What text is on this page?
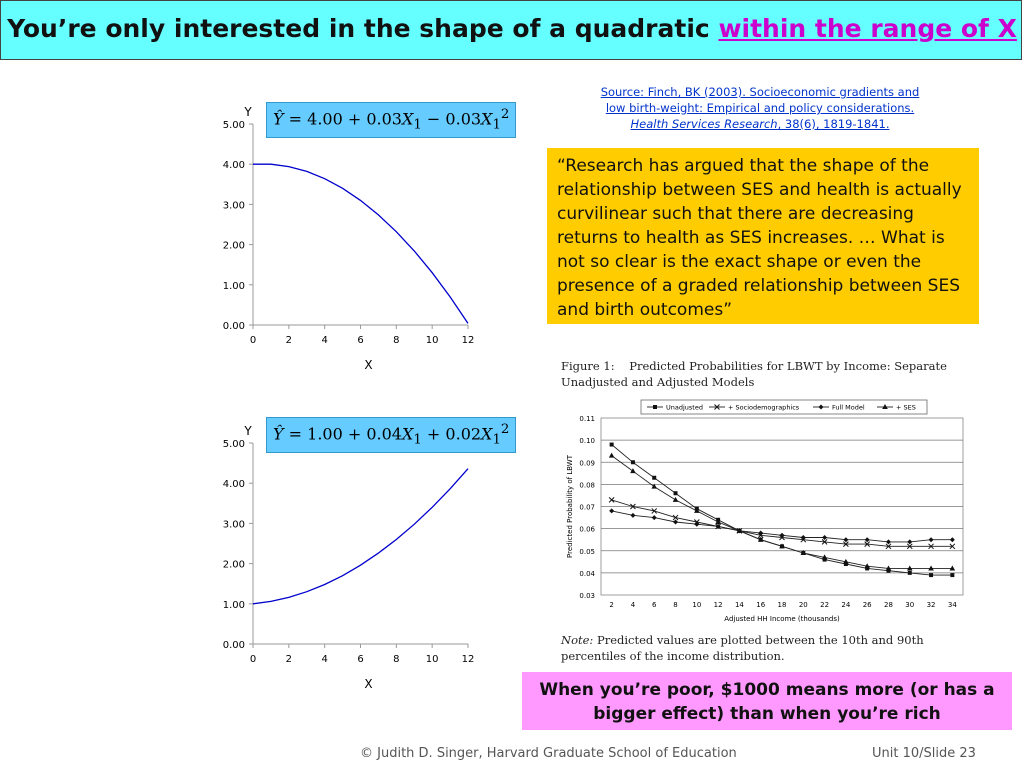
You’re only interested in the shape of a quadratic within the range of X
Source: Finch, BK (2003). Socioeconomic gradients and
low birth-weight: Empirical and policy considerations.
Health Services Research, 38(6), 1819-1841.
“Research has argued that the shape of the relationship between SES and health is actually curvilinear such that there are decreasing returns to health as SES increases. … What is not so clear is the exact shape or even the presence of a graded relationship between SES and birth outcomes”
0.00
1.00
2.00
3.00
4.00
5.00
0	2	4	6	8	10 12
Y
X
Ŷ = $4.00 + 0.03X_1 - 0.03X_1^2$
0.00
1.00
2.00
3.00
4.00
5.00
0	2	4	6	8	10 12
Y
X
Ŷ = $1.00 + 0.04X_1 + 0.02X_1^2$
Figure 1: Predicted Probabilities for LBWT by Income: Separate Unadjusted and Adjusted Models
0.03
0.04
0.05
0.06
0.07
0.08
0.09
0.10
0.11
2 4 6 8 10 12 14 16 18 20 22 24 26 28 30 32 34
Adjusted HH Income (thousands)
Predicted Probability of LBWT
Unadjusted	+ Sociodemographics	Full Model	+ SES
Note: Predicted values are plotted between the 10th and 90th percentiles of the income distribution.
When you’re poor, $1000 means more (or has a bigger effect) than when you’re rich
© Judith D. Singer, Harvard Graduate School of Education	Unit 10/Slide 23
